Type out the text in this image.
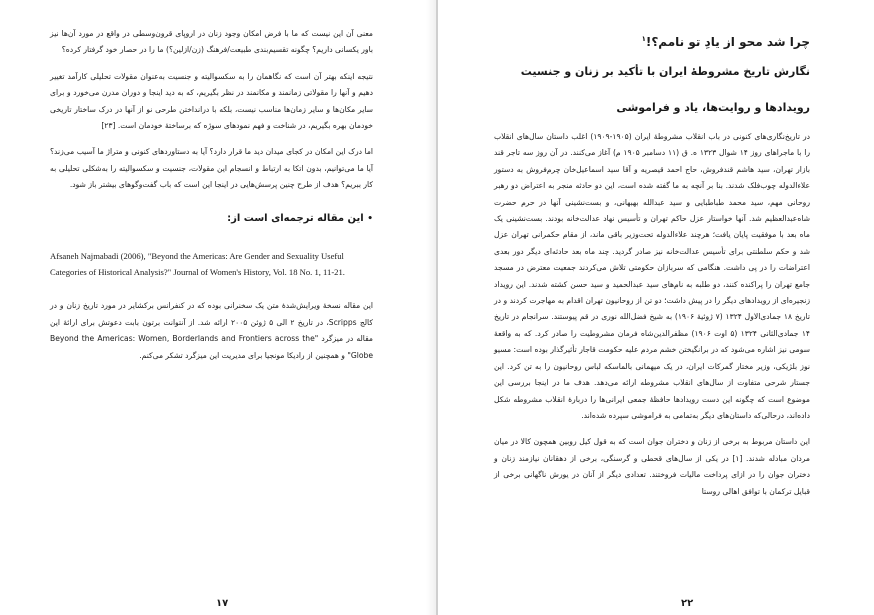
معنی آن این نیست که ما با فرض امکان وجود زنان در اروپای قرون‌وسطی در واقع در مورد آن‌ها نیز باور یکسانی داریم؟ چگونه تقسیم‌بندی طبیعت/فرهنگ (زن/ازلین؟) ما را در حصار خود گرفتار کرده؟

نتیجه اینکه بهتر آن است که نگاهمان را به سکسوالیته و جنسیت به‌عنوان مقولات تحلیلی کارآمد تغییر دهیم و آنها را مقولاتی زمانمند و مکانمند در نظر بگیریم، که به دید اینجا و دوران مدرن می‌خورد و برای سایر مکان‌ها و سایر زمان‌ها مناسب نیست، بلکه با درانداختن طرحی نو از آنها در درک ساختار تاریخی خودمان بهره بگیریم، در شناخت و فهم نمودهای سوژه که برساختهٔ خودمان است. [۲۳]

اما درک این امکان در کجای میدان دید ما قرار دارد؟ آیا به دستاوردهای کنونی و متراژ ما آسیب می‌زند؟ آیا ما می‌توانیم، بدون اتکا به ارتباط و انسجام این مقولات، جنسیت و سکسوالیته را به‌شکلی تحلیلی به کار ببریم؟ هدف از طرح چنین پرسش‌هایی در اینجا این است که باب گفت‌وگوهای بیشتر باز شود.

• این مقاله ترجمه‌ای است از:

Afsaneh Najmabadi (2006), "Beyond the Americas: Are Gender and Sexuality Useful Categories of Historical Analysis?" Journal of Women's History, Vol. 18 No. 1, 11-21.

این مقاله نسخهٔ ویرایش‌شدهٔ متن یک سخنرانی بوده که در کنفرانس برکشایر در مورد تاریخ زنان و در کالج Scripps، در تاریخ ۲ الی ۵ ژوئن ۲۰۰۵ ارائه شد. از آنتوانت برتون بابت دعوتش برای ارائهٔ این مقاله در میزگرد "Beyond the Americas: Women, Borderlands and Frontiers across the Globe" و همچنین از رادیکا مونجیا برای مدیریت این میزگرد تشکر می‌کنم.

۱۷
چرا شد محو از یادِ تو نامم؟!$^۱$
نگارش تاریخ مشروطهٔ ایران با تأکید بر زنان و جنسیت
رویدادها و روایت‌ها، یاد و فراموشی

در تاریخ‌نگاری‌های کنونی در باب انقلاب مشروطهٔ ایران (۱۹۰۵-۱۹۰۹) اغلب داستان سال‌های انقلاب را با ماجراهای روز ۱۴ شوال ۱۳۲۳ ه. ق (۱۱ دسامبر ۱۹۰۵ م) آغاز می‌کنند. در آن روز سه تاجر قند بازار تهران، سید هاشم قندفروش، حاج احمد قیصریه و آقا سید اسماعیل‌خان چرم‌فروش به دستور علاءالدوله چوب‌فلک شدند. بنا بر آنچه به ما گفته شده است، این دو حادثه منجر به اعتراض دو رهبر روحانی مهم، سید محمد طباطبایی و سید عبدالله بهبهانی، و بست‌نشینی آنها در حرم حضرت شاه‌عبدالعظیم شد. آنها خواستار عزل حاکم تهران و تأسیس نهاد عدالت‌خانه بودند. بست‌نشینی یک ماه بعد با موفقیت پایان یافت؛ هرچند علاءالدوله تحت‌وزیر باقی ماند، از مقام حکمرانی تهران عزل شد و حکم سلطنتی برای تأسیس عدالت‌خانه نیز صادر گردید. چند ماه بعد حادثه‌ای دیگر دور بعدی اعتراضات را در پی داشت. هنگامی که سربازان حکومتی تلاش می‌کردند جمعیت معترض در مسجد جامع تهران را پراکنده کنند، دو طلبه به نام‌های سید عبدالحمید و سید حسن کشته شدند. این رویداد زنجیره‌ای از رویدادهای دیگر را در پیش داشت؛ دو تن از روحانیون تهران اقدام به مهاجرت کردند و در تاریخ ۱۸ جمادی‌الاول ۱۳۲۴ (۷ ژوئیهٔ ۱۹۰۶) به شیخ فضل‌الله نوری در قم پیوستند. سرانجام در تاریخ ۱۴ جمادی‌الثانی ۱۳۲۴ (۵ اوت ۱۹۰۶) مظفرالدین‌شاه فرمان مشروطیت را صادر کرد. که به واقعهٔ سومی نیز اشاره می‌شود که در برانگیختن خشم مردم علیه حکومت قاجار تأثیرگذار بوده است: مسیو نوز بلژیکی، وزیر مختار گمرکات ایران، در یک میهمانی بالماسکه لباس روحانیون را به تن کرد. این جستار شرحی متفاوت از سال‌های انقلاب مشروطه ارائه می‌دهد. هدف ما در اینجا بررسی این موضوع است که چگونه این دست رویدادها حافظهٔ جمعی ایرانی‌ها را دربارهٔ انقلاب مشروطه شکل داده‌اند، درحالی‌که داستان‌های دیگر به‌تمامی به فراموشی سپرده شده‌اند.

این داستان مربوط به برخی از زنان و دختران جوان است که به قول کیل روبین همچون کالا در میان مردان مبادله شدند. [۱] در یکی از سال‌های قحطی و گرسنگی، برخی از دهقانان نیازمند زنان و دختران جوان را در ازای پرداخت مالیات فروختند. تعدادی دیگر از آنان در یورش ناگهانی برخی از قبایل ترکمان با توافق اهالی روستا

۲۲
